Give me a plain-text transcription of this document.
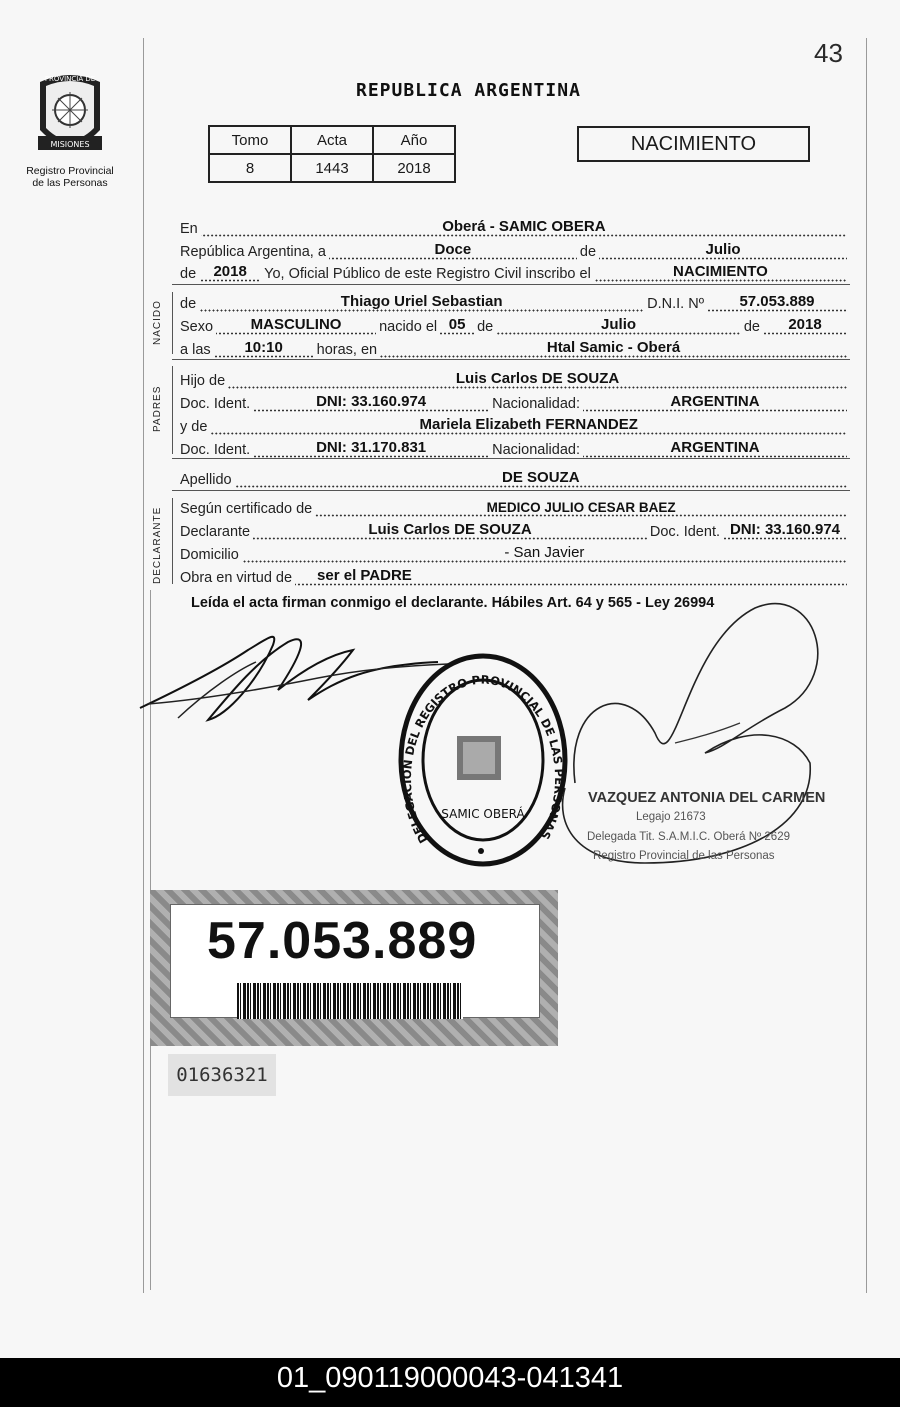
43
PROVINCIA DE
MISIONES
Registro Provincial
de las Personas
REPUBLICA ARGENTINA
Tomo	Acta	Año
8	1443	2018
NACIMIENTO
En	Oberá - SAMIC OBERA
República Argentina, a	Doce	de	Julio
de	2018	Yo, Oficial Público de este Registro Civil inscribo el	NACIMIENTO
NACIDO de	Thiago Uriel Sebastian	D.N.I. Nº	57.053.889
Sexo	MASCULINO	nacido el 05 de	Julio	de	2018
a las	10:10	horas, en	Htal Samic - Oberá
PADRES
Hijo de	Luis Carlos DE SOUZA
Doc. Ident.	DNI: 33.160.974	Nacionalidad:	ARGENTINA
y de	Mariela Elizabeth FERNANDEZ
Doc. Ident.	DNI: 31.170.831	Nacionalidad:	ARGENTINA
Apellido	DE SOUZA
DECLARANTE Según certificado de	MEDICO JULIO CESAR BAEZ
Declarante	Luis Carlos DE SOUZA	Doc. Ident. DNI: 33.160.974
Domicilio	- San Javier
Obra en virtud de	ser el PADRE
Leída el acta firman conmigo el declarante. Hábiles Art. 64 y 565 - Ley 26994
DELEGACIÓN DEL REGISTRO PROVINCIAL DE LAS PERSONAS
SAMIC OBERÁ
VAZQUEZ ANTONIA DEL CARMEN
Legajo 21673
Delegada Tit. S.A.M.I.C. Oberá Nº 2629
Registro Provincial de las Personas
57.053.889
01636321
01_090119000043-041341
